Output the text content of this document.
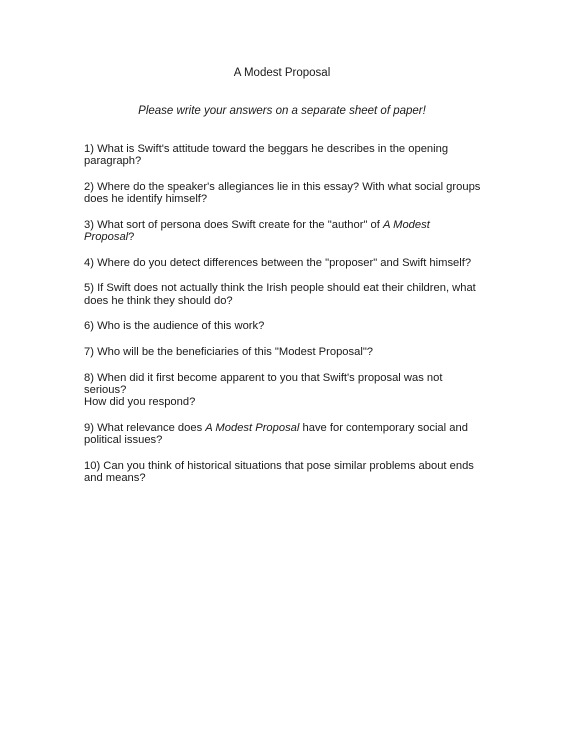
A Modest Proposal
Please write your answers on a separate sheet of paper!
1) What is Swift's attitude toward the beggars he describes in the opening
paragraph?
2) Where do the speaker's allegiances lie in this essay? With what social groups
does he identify himself?
3) What sort of persona does Swift create for the "author" of A Modest
Proposal?
4) Where do you detect differences between the "proposer" and Swift himself?
5) If Swift does not actually think the Irish people should eat their children, what
does he think they should do?
6) Who is the audience of this work?
7) Who will be the beneficiaries of this "Modest Proposal"?
8) When did it first become apparent to you that Swift's proposal was not
serious?
How did you respond?
9) What relevance does A Modest Proposal have for contemporary social and
political issues?
10) Can you think of historical situations that pose similar problems about ends
and means?
